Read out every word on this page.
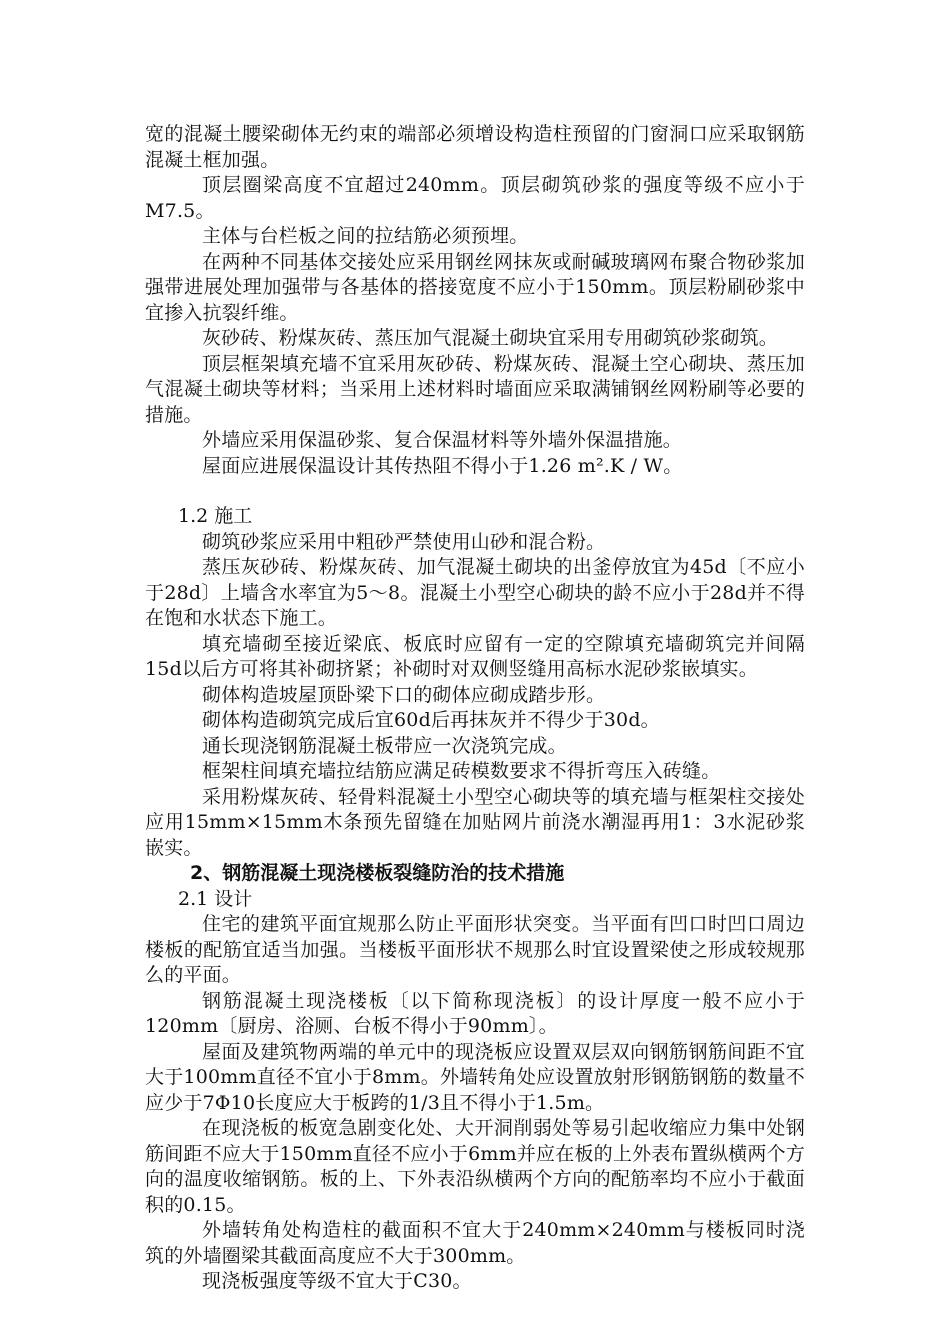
宽的混凝土腰梁砌体无约束的端部必须增设构造柱预留的门窗洞口应采取钢筋混凝土框加强。

顶层圈梁高度不宜超过240mm。顶层砌筑砂浆的强度等级不应小于M7.5。

主体与台栏板之间的拉结筋必须预埋。

在两种不同基体交接处应采用钢丝网抹灰或耐碱玻璃网布聚合物砂浆加强带进展处理加强带与各基体的搭接宽度不应小于150mm。顶层粉刷砂浆中宜掺入抗裂纤维。

灰砂砖、粉煤灰砖、蒸压加气混凝土砌块宜采用专用砌筑砂浆砌筑。

顶层框架填充墙不宜采用灰砂砖、粉煤灰砖、混凝土空心砌块、蒸压加气混凝土砌块等材料；当采用上述材料时墙面应采取满铺钢丝网粉刷等必要的措施。

外墙应采用保温砂浆、复合保温材料等外墙外保温措施。

屋面应进展保温设计其传热阻不得小于1.26 m².K / W。

1.2 施工

砌筑砂浆应采用中粗砂严禁使用山砂和混合粉。

蒸压灰砂砖、粉煤灰砖、加气混凝土砌块的出釜停放宜为45d〔不应小于28d〕上墙含水率宜为5～8。混凝土小型空心砌块的龄不应小于28d并不得在饱和水状态下施工。

填充墙砌至接近梁底、板底时应留有一定的空隙填充墙砌筑完并间隔15d以后方可将其补砌挤紧；补砌时对双侧竖缝用高标水泥砂浆嵌填实。

砌体构造坡屋顶卧梁下口的砌体应砌成踏步形。

砌体构造砌筑完成后宜60d后再抹灰并不得少于30d。

通长现浇钢筋混凝土板带应一次浇筑完成。

框架柱间填充墙拉结筋应满足砖模数要求不得折弯压入砖缝。

采用粉煤灰砖、轻骨料混凝土小型空心砌块等的填充墙与框架柱交接处应用15mm×15mm木条预先留缝在加贴网片前浇水潮湿再用1：3水泥砂浆嵌实。

2、钢筋混凝土现浇楼板裂缝防治的技术措施

2.1 设计

住宅的建筑平面宜规那么防止平面形状突变。当平面有凹口时凹口周边楼板的配筋宜适当加强。当楼板平面形状不规那么时宜设置梁使之形成较规那么的平面。

钢筋混凝土现浇楼板〔以下简称现浇板〕的设计厚度一般不应小于120mm〔厨房、浴厕、台板不得小于90mm〕。

屋面及建筑物两端的单元中的现浇板应设置双层双向钢筋钢筋间距不宜大于100mm直径不宜小于8mm。外墙转角处应设置放射形钢筋钢筋的数量不应少于7Φ10长度应大于板跨的1/3且不得小于1.5m。

在现浇板的板宽急剧变化处、大开洞削弱处等易引起收缩应力集中处钢筋间距不应大于150mm直径不应小于6mm并应在板的上外表布置纵横两个方向的温度收缩钢筋。板的上、下外表沿纵横两个方向的配筋率均不应小于截面积的0.15。

外墙转角处构造柱的截面积不宜大于240mm×240mm与楼板同时浇筑的外墙圈梁其截面高度应不大于300mm。

现浇板强度等级不宜大于C30。
